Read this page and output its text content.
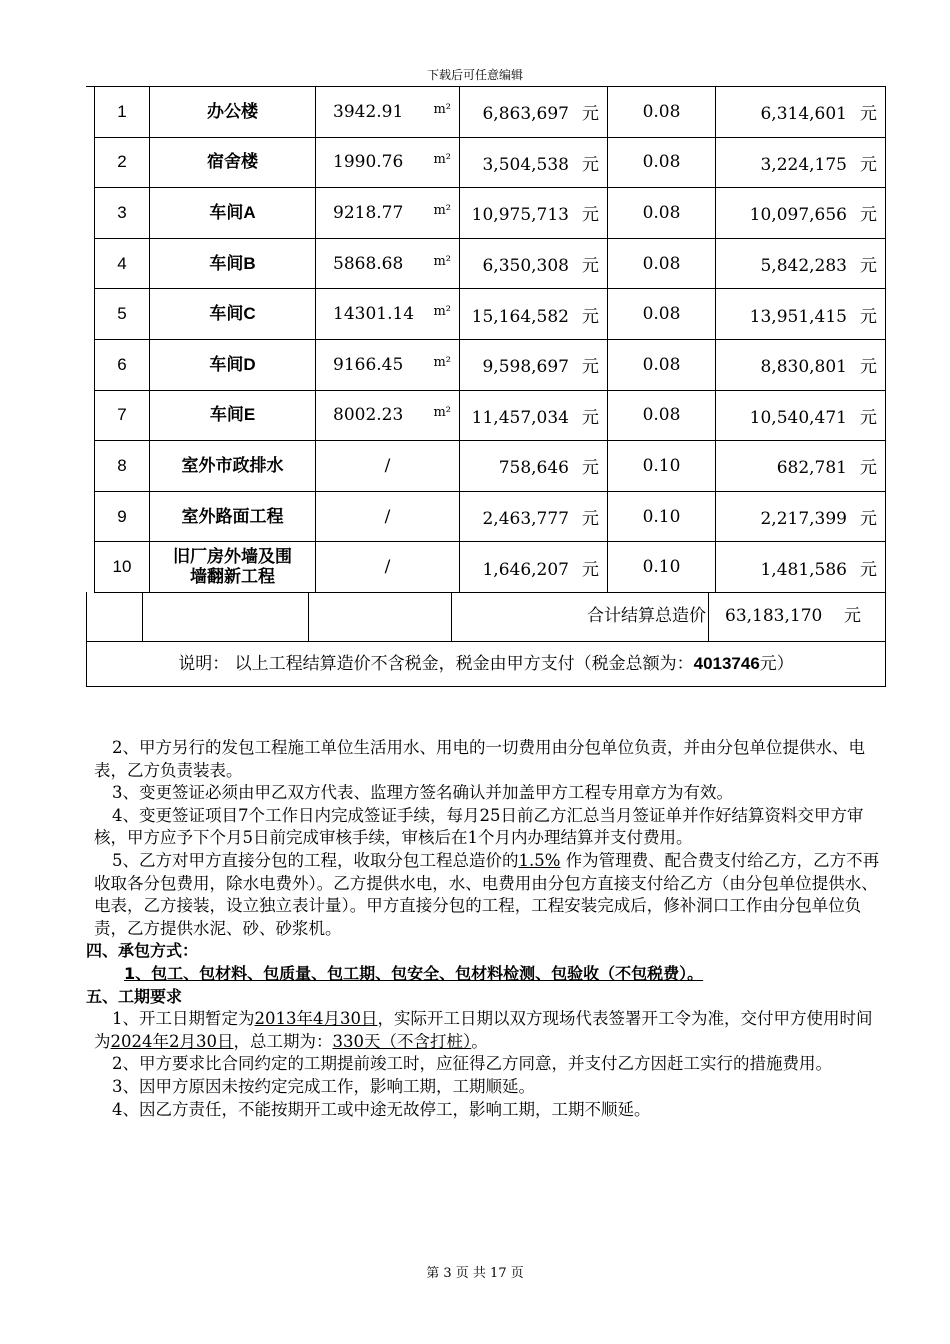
下载后可任意编辑
1	办公楼	3942.91 m²	6,863,697 元	0.08	6,314,601 元
2	宿舍楼	1990.76 m²	3,504,538 元	0.08	3,224,175 元
3	车间A	9218.77 m²	10,975,713 元	0.08	10,097,656 元
4	车间B	5868.68 m²	6,350,308 元	0.08	5,842,283 元
5	车间C	14301.14 m²	15,164,582 元	0.08	13,951,415 元
6	车间D	9166.45 m²	9,598,697 元	0.08	8,830,801 元
7	车间E	8002.23 m²	11,457,034 元	0.08	10,540,471 元
8	室外市政排水	/	758,646 元	0.10	682,781 元
9	室外路面工程	/	2,463,777 元	0.10	2,217,399 元
10	旧厂房外墙及围
墙翻新工程	/	1,646,207 元	0.10	1,481,586 元
合计结算总造价	63,183,170 元
说明： 以上工程结算造价不含税金，税金由甲方支付（税金总额为：4013746元）

2、甲方另行的发包工程施工单位生活用水、用电的一切费用由分包单位负责，并由分包单位提供水、电表，乙方负责装表。

3、变更签证必须由甲乙双方代表、监理方签名确认并加盖甲方工程专用章方为有效。

4、变更签证项目7个工作日内完成签证手续，每月25日前乙方汇总当月签证单并作好结算资料交甲方审核，甲方应予下个月5日前完成审核手续，审核后在1个月内办理结算并支付费用。

5、乙方对甲方直接分包的工程，收取分包工程总造价的1.5% 作为管理费、配合费支付给乙方，乙方不再收取各分包费用，除水电费外）。乙方提供水电，水、电费用由分包方直接支付给乙方（由分包单位提供水、电表，乙方接装，设立独立表计量）。甲方直接分包的工程，工程安装完成后，修补洞口工作由分包单位负责，乙方提供水泥、砂、砂浆机。

四、承包方式：

1、包工、包材料、包质量、包工期、包安全、包材料检测、包验收（不包税费）。

五、工期要求

1、开工日期暂定为2013年4月30日，实际开工日期以双方现场代表签署开工令为准，交付甲方使用时间为2024年2月30日，总工期为：330天（不含打桩）。

2、甲方要求比合同约定的工期提前竣工时，应征得乙方同意，并支付乙方因赶工实行的措施费用。

3、因甲方原因未按约定完成工作，影响工期，工期顺延。

4、因乙方责任，不能按期开工或中途无故停工，影响工期，工期不顺延。

第 3 页 共 17 页
